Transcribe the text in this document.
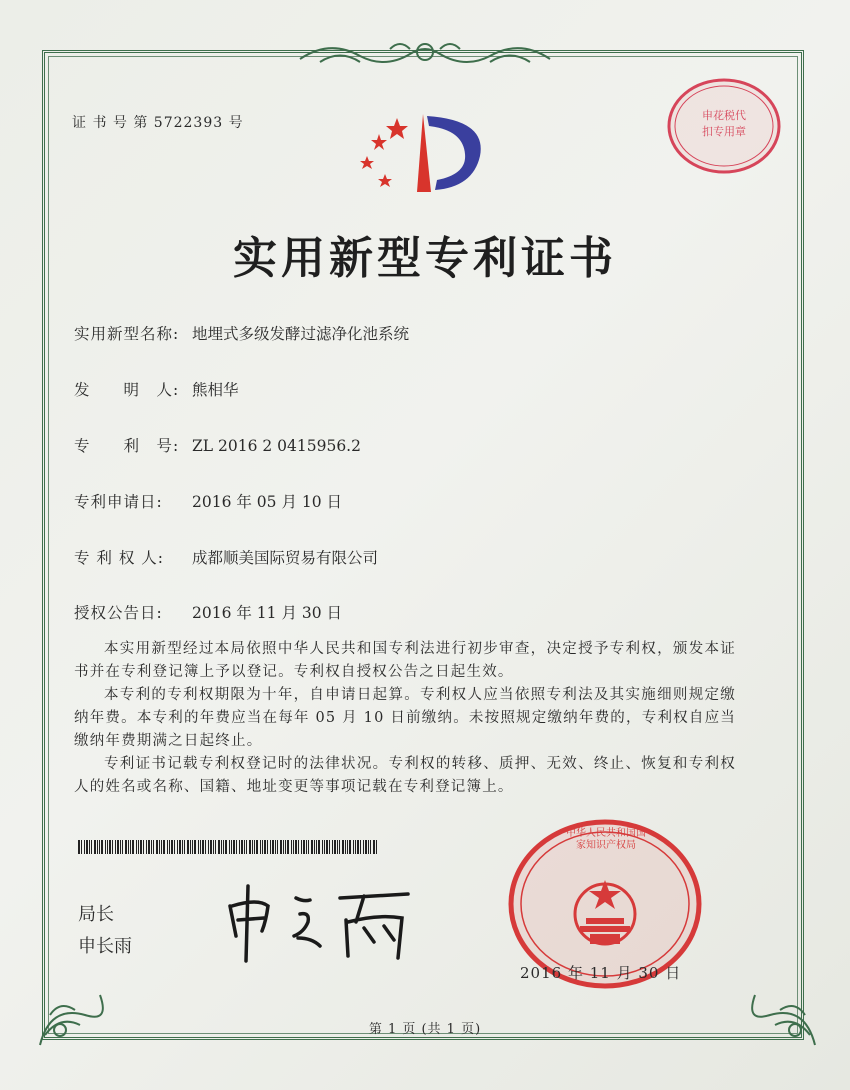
证 书 号 第 5722393 号	申花税代扣专用章
实用新型专利证书
实用新型名称: 地埋式多级发酵过滤净化池系统
发　　明　人: 熊相华
专　　利　号: ZL 2016 2 0415956.2
专利申请日: 2016 年 05 月 10 日
专 利 权 人: 成都顺美国际贸易有限公司
授权公告日: 2016 年 11 月 30 日
本实用新型经过本局依照中华人民共和国专利法进行初步审查，决定授予专利权，颁发本证书并在专利登记簿上予以登记。专利权自授权公告之日起生效。
本专利的专利权期限为十年，自申请日起算。专利权人应当依照专利法及其实施细则规定缴纳年费。本专利的年费应当在每年 05 月 10 日前缴纳。未按照规定缴纳年费的，专利权自应当缴纳年费期满之日起终止。
专利证书记载专利权登记时的法律状况。专利权的转移、质押、无效、终止、恢复和专利权人的姓名或名称、国籍、地址变更等事项记载在专利登记簿上。
局长
申长雨
中华人民共和国国家知识产权局
2016 年 11 月 30 日
第 1 页 (共 1 页)
